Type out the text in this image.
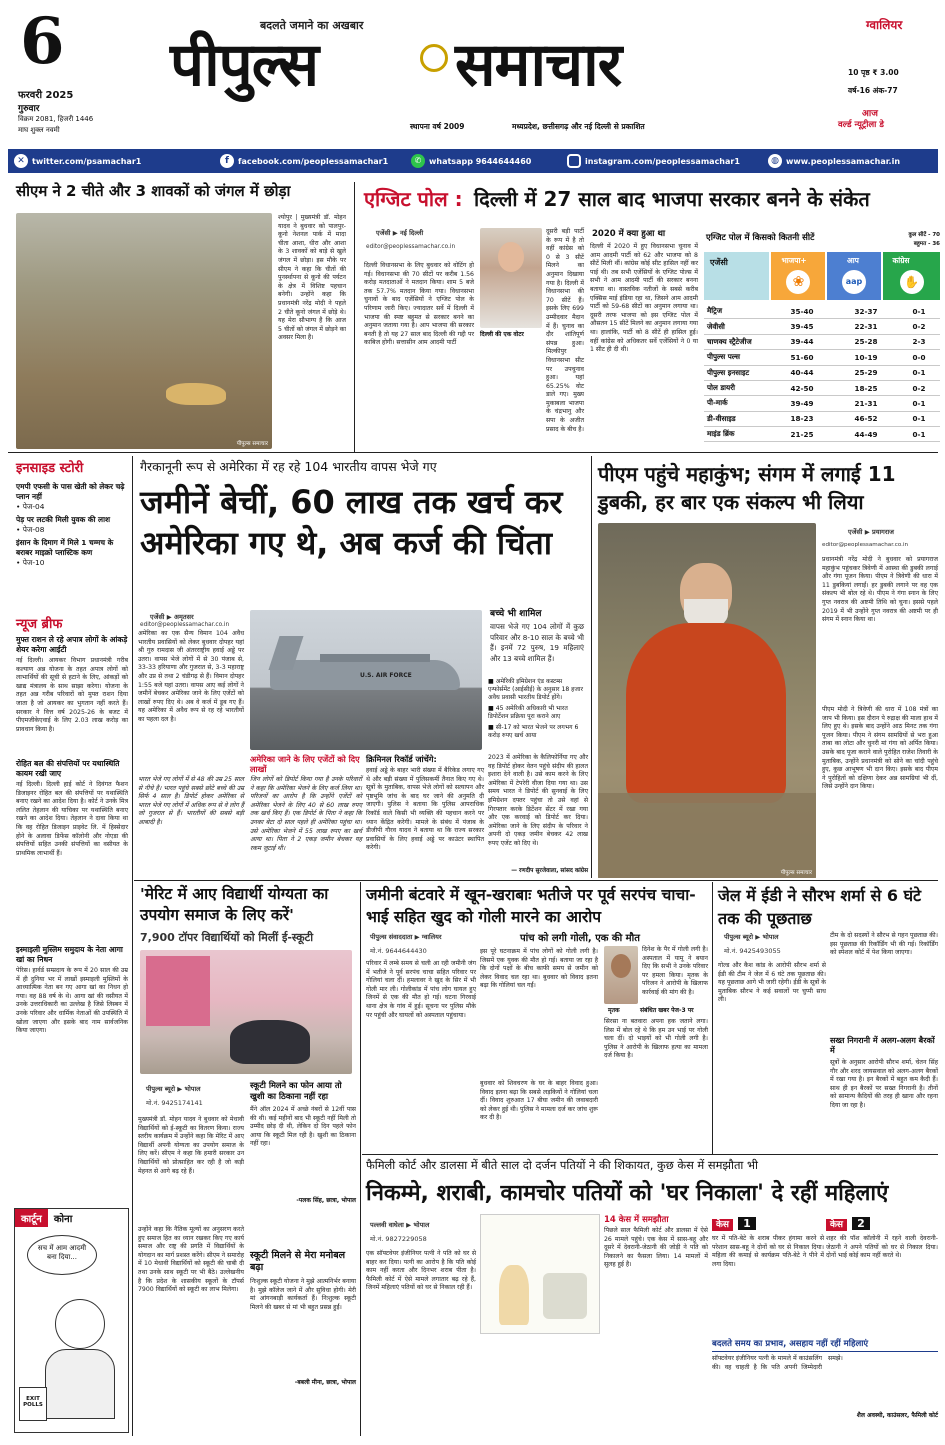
6
फरवरी 2025
गुरुवार
विक्रम 2081, हिजरी 1446
माघ शुक्ल नवमी
बदलते जमाने का अखबार
पीपुल्स समाचार
स्थापना वर्ष 2009	मध्यप्रदेश, छत्तीसगढ़ और नई दिल्ली से प्रकाशित
ग्वालियर
10 पृष्ठ ₹ 3.00
वर्ष-16 अंक-77
आज
वर्ल्ड न्यूट्रीला डे
✕ twitter.com/psamachar1	f	facebook.com/peoplessamachar1	✆ whatsapp 9644644460	instagram.com/peoplessamachar1	◍ www.peoplessamachar.in
सीएम ने 2 चीते और 3 शावकों को जंगल में छोड़ा
पीपुल्स समाचार
श्योपुर | मुख्यमंत्री डॉ. मोहन यादव ने बुधवार को पालपुर-कूनो नेशनल पार्क में मादा चीता आशा, धीरा और आशा के 3 शावकों को बाड़े से खुले जंगल में छोड़ा। इस मौके पर सीएम ने कहा कि चीतों की पुनर्स्थापना से कूनो की पर्यटन के क्षेत्र में विशिष्ट पहचान बनेगी। उन्होंने कहा कि प्रधानमंत्री नरेंद्र मोदी ने पहले 2 चीते कूनो जंगल में छोड़े थे। यह मेरा सौभाग्य है कि आज 5 चीतों को जंगल में छोड़ने का अवसर मिला है।
एग्जिट पोल : दिल्ली में 27 साल बाद भाजपा सरकार बनने के संकेत
एजेंसी ▶ नई दिल्ली
editor@peoplessamachar.co.in
दिल्ली विधानसभा के लिए बुधवार को वोटिंग हो गई। विधानसभा की 70 सीटों पर करीब 1.56 करोड़ मतदाताओं ने मतदान किया। शाम 5 बजे तक 57.7% मतदान किया गया। विधानसभा चुनावों के बाद एजेंसियों ने एग्जिट पोल के परिणाम जारी किए। ज्यादातर सर्वे में दिल्ली में भाजपा की स्पष्ट बहुमत से सरकार बनने का अनुमान जताया गया है। आप भाजपा की सरकार बनती है तो यह 27 साल बाद दिल्ली की गद्दी पर काबिज होगी। सत्तासीन आम आदमी पार्टी
दिल्ली की एक वोटर
दूसरी बड़ी पार्टी के रूप में है तो वहीं कांग्रेस को 0 से 3 सीटें मिलने का अनुमान दिखाया गया है। दिल्ली में विधानसभा की 70 सीटें हैं। इसके लिए 699 उम्मीदवार मैदान में हैं। चुनाव का दौर शांतिपूर्ण संपन्न हुआ। मिल्कीपुर विधानसभा सीट पर उपचुनाव हुआ। यहां 65.25% वोट डाले गए। मुख्य मुकाबला भाजपा के चंद्रभानु और सपा के अजीत प्रसाद के बीच है।
2020 में क्या हुआ था
दिल्ली में 2020 में हुए विधानसभा चुनाव में आम आदमी पार्टी को 62 और भाजपा को 8 सीटें मिली थीं। कांग्रेस कोई सीट हासिल नहीं कर पाई थी। तब सभी एजेंसियों के एग्जिट पोल्स में सभी ने आम आदमी पार्टी की सरकार बनना बताया था। वास्तविक नतीजों के सबसे करीब एक्सिस माई इंडिया रहा था, जिसने आम आदमी पार्टी को 59-68 सीटों का अनुमान लगाया था। दूसरी तरफ भाजपा को इस एग्जिट पोल में औसतन 15 सीटें मिलने का अनुमान लगाया गया था। हालांकि, पार्टी को 8 सीटें ही हासिल हुई। वहीं कांग्रेस को अधिकतर सर्वे एजेंसियों ने 0 या 1 सीट ही दी थी।
एग्जिट पोल में किसको कितनी सीटें	कुल सीटें - 70
बहुमत - 36
एजेंसी	भाजपा+
❀
आप
aap
कांग्रेस
✋
मैट्रिज	35-40	32-37	0-1
जेवीसी	39-45	22-31	0-2
चाणक्य स्ट्रैटेजीज	39-44	25-28	2-3
पीपुल्स पल्स	51-60	10-19	0-0
पीपुल्स इनसाइट	40-44	25-29	0-1
पोल डायरी	42-50	18-25	0-2
पी-मार्क	39-49	21-31	0-1
डी-वीसाइड	18-23	46-52	0-1
माइंड ब्रिंक	21-25	44-49	0-1
इनसाइड स्टोरी
एमपी एफसी के पास खेती को लेकर चढ़े प्लान नहीं
• पेज-04
पेड़ पर लटकी मिली युवक की लाश
• पेज-08
इंसान के दिमाग में मिले 1 चम्मच के बराबर माइक्रो प्लास्टिक कण
• पेज-10
न्यूज ब्रीफ
मुफ्त राशन ले रहे अपात्र लोगों के आंकड़े शेयर करेगा आईटी
नई दिल्ली। आयकर विभाग प्रधानमंत्री गरीब कल्याण अन्न योजना के तहत अपात्र लोगों को लाभार्थियों की सूची से हटाने के लिए, आंकड़ों को खाद्य मंत्रालय के साथ साझा करेगा। योजना के तहत अन्न गरीब परिवारों को मुफ्त राशन दिया जाता है जो आयकर का भुगतान नहीं करते हैं। सरकार ने वित्त वर्ष 2025-26 के बजट में पीएमजीकेएवाई के लिए 2.03 लाख करोड़ का प्रावधान किया है।
रोहित बल की संपत्तियों पर यथास्थिति कायम रखी जाए
नई दिल्ली। दिल्ली हाई कोर्ट ने दिवंगत फैशन डिजाइनर रोहित बल की संपत्तियों पर यथास्थिति बनाए रखने का आदेश दिया है। कोर्ट ने उनके मित्र ललित तेहलान की याचिका पर यथास्थिति बनाए रखने का आदेश दिया। तेहलान ने दावा किया था कि वह रोहित डिजाइन प्राइवेट लि. में हिस्सेदार होने के अलावा डिफेंस कॉलोनी और नोएडा की संपत्तियों सहित उनकी संपत्तियों का वसीयत के प्राथमिक लाभार्थी हैं।
इस्माइली मुस्लिम समुदाय के नेता आगा खां का निधन
पेरिस। हार्वर्ड सम्प्रदाय के रूप में 20 साल की उम्र में ही दुनिया भर में लाखों इस्माइली मुस्लिमों के आध्यात्मिक नेता बन गए आगा खां का निधन हो गया। वह 88 वर्ष के थे। आगा खां की वसीयत में उनके उत्तराधिकारी का उल्लेख है जिसे लिस्बन में उनके परिवार और धार्मिक नेताओं की उपस्थिति में खोला जाएगा और इसके बाद नाम सार्वजनिक किया जाएगा।
कार्टून	कोना
सच में आम आदमी बना दिया...
EXIT POLLS
गैरकानूनी रूप से अमेरिका में रह रहे 104 भारतीय वापस भेजे गए
जमीनें बेचीं, 60 लाख तक खर्च कर अमेरिका गए थे, अब कर्ज की चिंता
एजेंसी ▶ अमृतसर
editor@peoplessamachar.co.in
अमेरिका का एक सैन्य विमान 104 अवैध भारतीय प्रवासियों को लेकर बुधवार दोपहर यहां श्री गुरु रामदास जी अंतरराष्ट्रीय हवाई अड्डे पर उतरा। वापस भेजे लोगों में से 30 पंजाब से, 33-33 हरियाणा और गुजरात से, 3-3 महाराष्ट्र और उप्र से तथा 2 चंडीगढ़ से हैं। विमान दोपहर 1:55 बजे यहां उतरा। वापस आए कई लोगों ने जमीनें बेचकर अमेरिका जाने के लिए एजेंटों को लाखों रुपए दिए थे। अब वे कर्ज में डूब गए हैं। यह अमेरिका में अवैध रूप से रह रहे भारतीयों का पहला दल है।
भारत भेजे गए लोगों में से 48 की उम्र 25 साल से नीचे है। भारत पहुंचे सबसे छोटे बच्चे की उम्र सिर्फ 4 साल है। डिपोर्ट होकर अमेरिका से भारत भेजे गए लोगों में अधिक रूप से वे लोग हैं जो गुजरात से हैं। भारतीयों की सबसे बड़ी आबादी है।
U.S. AIR FORCE
बच्चे भी शामिल
वापस भेजे गए 104 लोगों में कुछ परिवार और 8-10 साल के बच्चे भी हैं। इनमें 72 पुरुष, 19 महिलाएं और 13 बच्चे शामिल हैं।
अमेरिका जाने के लिए एजेंटों को दिए लाखों
जिन लोगों को डिपोर्ट किया गया है उनके परिवारों ने कहा कि अमेरिका भेजने के लिए कर्ज लिया था। परिजनों का आरोप है कि उन्होंने एजेंटों को अमेरिका भेजने के लिए 40 से 60 लाख रुपए तक खर्च किए हैं। एक डिपोर्ट के पिता ने कहा कि उनका बेटा दो साल पहले ही अमेरिका पहुंचा था। उसे अमेरिका भेजने में 55 लाख रुपए का खर्च आया था। पिता ने 2 एकड़ जमीन बेचकर यह रकम जुटाई थी।
क्रिमिनल रिकॉर्ड जांचेंगे:
हवाई अड्डे के बाहर भारी संख्या में बैरिकेड लगाए गए थे और बड़ी संख्या में पुलिसकर्मी तैनात किए गए थे। सूत्रों के मुताबिक, वापस भेजे लोगों को सत्यापन और पृष्ठभूमि जांच के बाद घर जाने की अनुमति दी जाएगी। पुलिस ने बताया कि पुलिस आपराधिक रिकॉर्ड वाले किसी भी व्यक्ति की पहचान करने पर ध्यान केंद्रित करेगी। मामले के संबंध में पंजाब के डीजीपी गौरव यादव ने बताया था कि राज्य सरकार प्रवासियों के लिए हवाई अड्डे पर काउंटर स्थापित करेगी।
2023 में अमेरिका के कैलिफोर्निया गए और वह डिपोर्ट होकर वेतन पहुंचे संदीप की हालत इशारा देने वाली है। उसे काम करने के लिए अमेरिका में टेपरेरी वीजा दिया गया था। उस समय भारत ने डिपोर्ट की सुनवाई के लिए इमिग्रेशन दफ्तर पहुंचा तो उसे वहां से गिरफ्तार करके डिटेंशन सेंटर में रखा गया और एक करवाई को डिपोर्ट कर दिया। अमेरिका जाने के लिए संदीप के परिवार ने अपनी दो एकड़ जमीन बेचकर 42 लाख रुपए एजेंट को दिए थे।
— रणदीप सुरजेवाला, सांसद कांग्रेस
■ अमेरिकी इमिग्रेशन एंड कस्टम्स एन्फोर्समेंट (आईसीई) के अनुसार 18 हजार अवैध प्रवासी भारतीय डिपोर्ट होंगे।
■ 45 अमेरिकी अधिकारी भी भारत डिपोर्टेशन प्रक्रिया पूरा कराने आए
■ सी-17 को भारत भेजने पर लगभग 6 करोड़ रुपए खर्च आया
पीएम पहुंचे महाकुंभ; संगम में लगाई 11 डुबकी, हर बार एक संकल्प भी लिया
एजेंसी ▶ प्रयागराज
पीपुल्स समाचार
editor@peoplessamachar.co.in
प्रधानमंत्री नरेंद्र मोदी ने बुधवार को प्रयागराज महाकुंभ पहुंचकर त्रिवेणी में आस्था की डुबकी लगाई और गंगा पूजन किया। पीएम ने त्रिवेणी की धारा में 11 डुबकियां लगाईं। हर डुबकी लगाने पर वह एक संकल्प भी बोल रहे थे। पीएम ने गंगा स्नान के लिए गुप्त नवरात्र की अष्टमी तिथि को चुना। इससे पहले 2019 में भी उन्होंने गुप्त नवरात्र की अष्टमी पर ही संगम में स्नान किया था।
पीएम मोदी ने त्रिवेणी की धारा में 108 मंत्रों का जाप भी किया। इस दौरान पे रुद्राक्ष की माला हाथ में लिए हुए थे। इसके बाद उन्होंने आठ मिनट तक गंगा पूजन किया। पीएम ने संगम सामग्रियों से भरा हुआ ताबा का लोटा और चुनरी मां गंगा को अर्पित किया। उसके बाद पूजा कराने वाले पुरोहित राजेश तिवारी के मुताबिक, उन्होंने प्रधानमंत्री को सोने का चांदी पहुंचे हुए, कुछ आभूषण भी दान किए। इसके बाद पीएम ने पुरोहितों को दक्षिणा देकर अन्न सामग्रियां भी दीं, जिसे उन्होंने दान किया।
'मेरिट में आए विद्यार्थी योग्यता का उपयोग समाज के लिए करें'
7,900 टॉपर विद्यार्थियों को मिलीं ई-स्कूटी
पीपुल्स ब्यूरो ▶ भोपाल
मो.नं. 9425174141
मुख्यमंत्री डॉ. मोहन यादव ने बुधवार को मेधावी विद्यार्थियों को ई-स्कूटी का वितरण किया। राज्य स्तरीय कार्यक्रम में उन्होंने कहा कि मेरिट में आए विद्यार्थी अपनी योग्यता का उपयोग समाज के लिए करें। सीएम ने कहा कि हमारी सरकार उन विद्यार्थियों को प्रोत्साहित कर रही है जो कड़ी मेहनत से आगे बढ़ रहे हैं।
उन्होंने कहा कि नैतिक मूल्यों का अनुसरण करते हुए समाज हित का ध्यान रखकर किए गए कार्य समाज और राष्ट्र की प्रगति में विद्यार्थियों के योगदान का मार्ग प्रशस्त करेंगे। सीएम ने समारोह में 10 मेधावी विद्यार्थियों को स्कूटी की चाबी दी तथा उनके साथ स्कूटी पर भी बैठे। उल्लेखनीय है कि प्रदेश के शासकीय स्कूलों के टॉपर्स 7900 विद्यार्थियों को स्कूटी का लाभ मिलेगा।
स्कूटी मिलने का फोन आया तो खुशी का ठिकाना नहीं रहा
मैंने ऑल 2024 में अच्छे नंबरों से 12वीं पास की थी। कई महीनों बाद भी स्कूटी नहीं मिली तो उम्मीद छोड़ दी थी, लेकिन दो दिन पहले फोन आया कि स्कूटी मिल रही है। खुशी का ठिकाना नहीं रहा।
-पलक सिंह, छात्रा, भोपाल
स्कूटी मिलने से मेरा मनोबल बढ़ा
निःशुल्क स्कूटी योजना ने मुझे आत्मनिर्भर बनाया है। मुझे कॉलेज जाने में और सुविधा होगी। मेरी मां आंगनबाड़ी कार्यकर्ता हैं। निःशुल्क स्कूटी मिलने की खबर से मां भी बहुत प्रसन्न हुईं।
-बबली मीना, छात्रा, भोपाल
जमीनी बंटवारे में खून-खराबाः भतीजे पर पूर्व सरपंच चाचा-भाई सहित खुद को गोली मारने का आरोप
पीपुल्स संवाददाता ▶ ग्वालियर
मो.नं. 9644644430
पांच को लगी गोली, एक की मौत
परिवार में लम्बे समय से चली आ रही जमीनी जंग में भतीजे ने पूर्व सरपंच चाचा सहित परिवार पर गोलियां चला दीं। हमलावर ने खुद के सिर में भी गोली मार ली। गोलीकांड में पांच लोग घायल हुए जिनमें से एक की मौत हो गई। घटना गिरवाई थाना क्षेत्र के गांव में हुई। सूचना पर पुलिस मौके पर पहुंची और घायलों को अस्पताल पहुंचाया।
इस पूरे घटनाक्रम में पांच लोगों को गोली लगी है। जिसमें एक युवक की मौत हो गई। बताया जा रहा है कि दोनों पक्षों के बीच काफी समय से जमीन को लेकर विवाद चल रहा था। बुधवार को विवाद इतना बढ़ा कि गोलियां चल गईं।
मृतक	संबंधित खबर पेज-3 पर
दिनेश के पैर में गोली लगी है। अस्पताल में यामू ने बयान दिए कि सभी ने उनके परिवार पर हमला किया। मृतक के परिजन ने आरोपी के खिलाफ कार्रवाई की मांग की है।
बुधवार को शिवचरण के घर के बाहर विवाद हुआ। विवाद इतना बढ़ा कि सबसे लड़कियों ने गोलियां चला दीं। विवाद शुरुआत 17 बीघा जमीन की जवाबदारी को लेकर हुई थी। पुलिस ने मामला दर्ज कर जांच शुरू कर दी है।
सिरसा ना बतवारा अपना हक जताने लगा। लिस में बोल रहे थे कि हम उन भाई पर गोली चला दीं। दो भाइयों को भी गोली लगी है। पुलिस ने आरोपी के खिलाफ हत्या का मामला दर्ज किया है।
जेल में ईडी ने सौरभ शर्मा से 6 घंटे तक की पूछताछ
पीपुल्स ब्यूरो ▶ भोपाल
मो.नं. 9425493055
गोल्ड और कैश कांड के आरोपी सौरभ शर्मा से ईडी की टीम ने जेल में 6 घंटे तक पूछताछ की। यह पूछताछ आगे भी जारी रहेगी। ईडी के सूत्रों के मुताबिक सौरभ ने कई सवालों पर चुप्पी साध ली।
टीम के दो सदस्यों ने सौरभ से गहन पूछताछ की। इस पूछताछ की रिकॉर्डिंग भी की गई। रिकॉर्डिंग को स्पेशल कोर्ट में पेश किया जाएगा।
सख्त निगरानी में अलग-अलग बैरकों में
सूत्रों के अनुसार आरोपी सौरभ शर्मा, चेतन सिंह गौर और शरद जायसवाल को अलग-अलग बैरकों में रखा गया है। इन बैरकों में बहुत कम कैदी हैं। साथ ही इन बैरकों पर सख्त निगरानी है। तीनों को सामान्य कैदियों की तरह ही खाना और रहना दिया जा रहा है।
फैमिली कोर्ट और डालसा में बीते साल दो दर्जन पतियों ने की शिकायत, कुछ केस में समझौता भी
निकम्मे, शराबी, कामचोर पतियों को 'घर निकाला' दे रहीं महिलाएं
पल्लवी वाघेला ▶ भोपाल
मो.नं. 9827229058
एक सॉफ्टवेयर इंजीनियर पत्नी ने पति को घर से बाहर कर दिया। पत्नी का आरोप है कि पति कोई काम नहीं करता और दिनभर शराब पीता है। फैमिली कोर्ट में ऐसे मामले लगातार बढ़ रहे हैं, जिनमें महिलाएं पतियों को घर से निकाल रही हैं।
14 केस में समझौता
पिछले साल फैमिली कोर्ट और डालसा में ऐसे 26 मामले पहुंचे। एक केस में सास-बहू और दूसरे में देवरानी-जेठानी की जोड़ी ने पति को निकालने का फैसला लिया। 14 मामलों में सुलह हुई है।
केस 1
घर में पति-बेटे के शराब पीकर हंगामा करने से परेशान सास-बहू ने दोनों को घर से निकाल दिया। महिला की कमाई से कार्यक्रम पति-बेटे ने पीने में लगा दिया।
केस 2
शहर की पॉश कॉलोनी में रहने वाली देवरानी-जेठानी ने अपने पतियों को घर से निकाल दिया। दोनों भाई कोई काम नहीं करते थे।
बदलते समय का प्रभाव, असहाय नहीं रहीं महिलाएं
सॉफ्टवेयर इंजीनियर पत्नी के मामले में काउंसलिंग की। वह चाहती है कि पति अपनी जिम्मेदारी समझे।
शैल अवस्थी, काउंसलर, फैमिली कोर्ट
